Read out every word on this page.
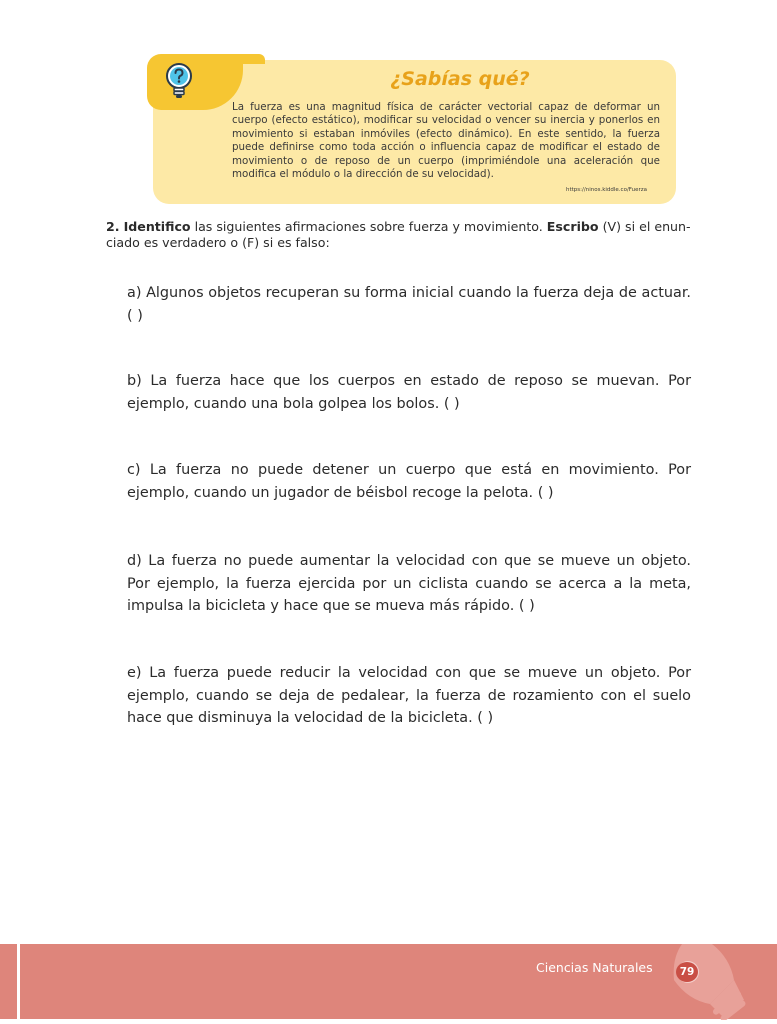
¿Sabías qué?
La fuerza es una magnitud física de carácter vectorial capaz de deformar un cuerpo (efecto estático), modificar su velocidad o vencer su inercia y ponerlos en movimiento si estaban inmóviles (efecto dinámico). En este sentido, la fuerza puede definirse como toda acción o influencia capaz de modificar el estado de movimiento o de reposo de un cuerpo (imprimiéndole una aceleración que modifica el módulo o la dirección de su velocidad).
https://ninos.kiddle.co/Fuerza
2. Identifico las siguientes afirmaciones sobre fuerza y movimiento. Escribo (V) si el enun-ciado es verdadero o (F) si es falso:
a) Algunos objetos recuperan su forma inicial cuando la fuerza deja de actuar. ( )
b) La fuerza hace que los cuerpos en estado de reposo se muevan. Por ejemplo, cuando una bola golpea los bolos. ( )
c) La fuerza no puede detener un cuerpo que está en movimiento. Por ejemplo, cuando un jugador de béisbol recoge la pelota. ( )
d) La fuerza no puede aumentar la velocidad con que se mueve un objeto. Por ejemplo, la fuerza ejercida por un ciclista cuando se acerca a la meta, impulsa la bicicleta y hace que se mueva más rápido. ( )
e) La fuerza puede reducir la velocidad con que se mueve un objeto. Por ejemplo, cuando se deja de pedalear, la fuerza de rozamiento con el suelo hace que disminuya la velocidad de la bicicleta. ( )
Ciencias Naturales	79
